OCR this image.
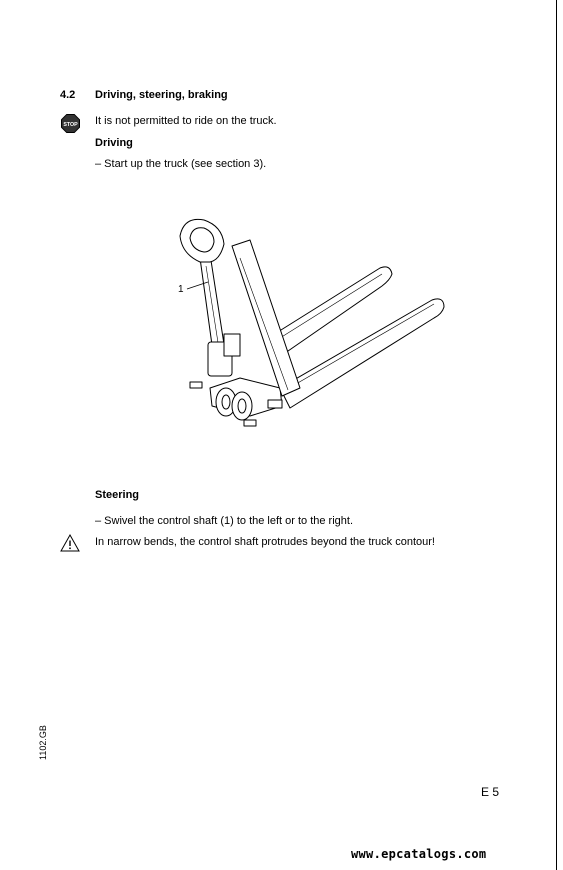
4.2 Driving, steering, braking
STOP It is not permitted to ride on the truck.
Driving
– Start up the truck (see section 3).
1
Steering
– Swivel the control shaft (1) to the left or to the right.
In narrow bends, the control shaft protrudes beyond the truck contour!
1102.GB
E 5
www.epcatalogs.com
